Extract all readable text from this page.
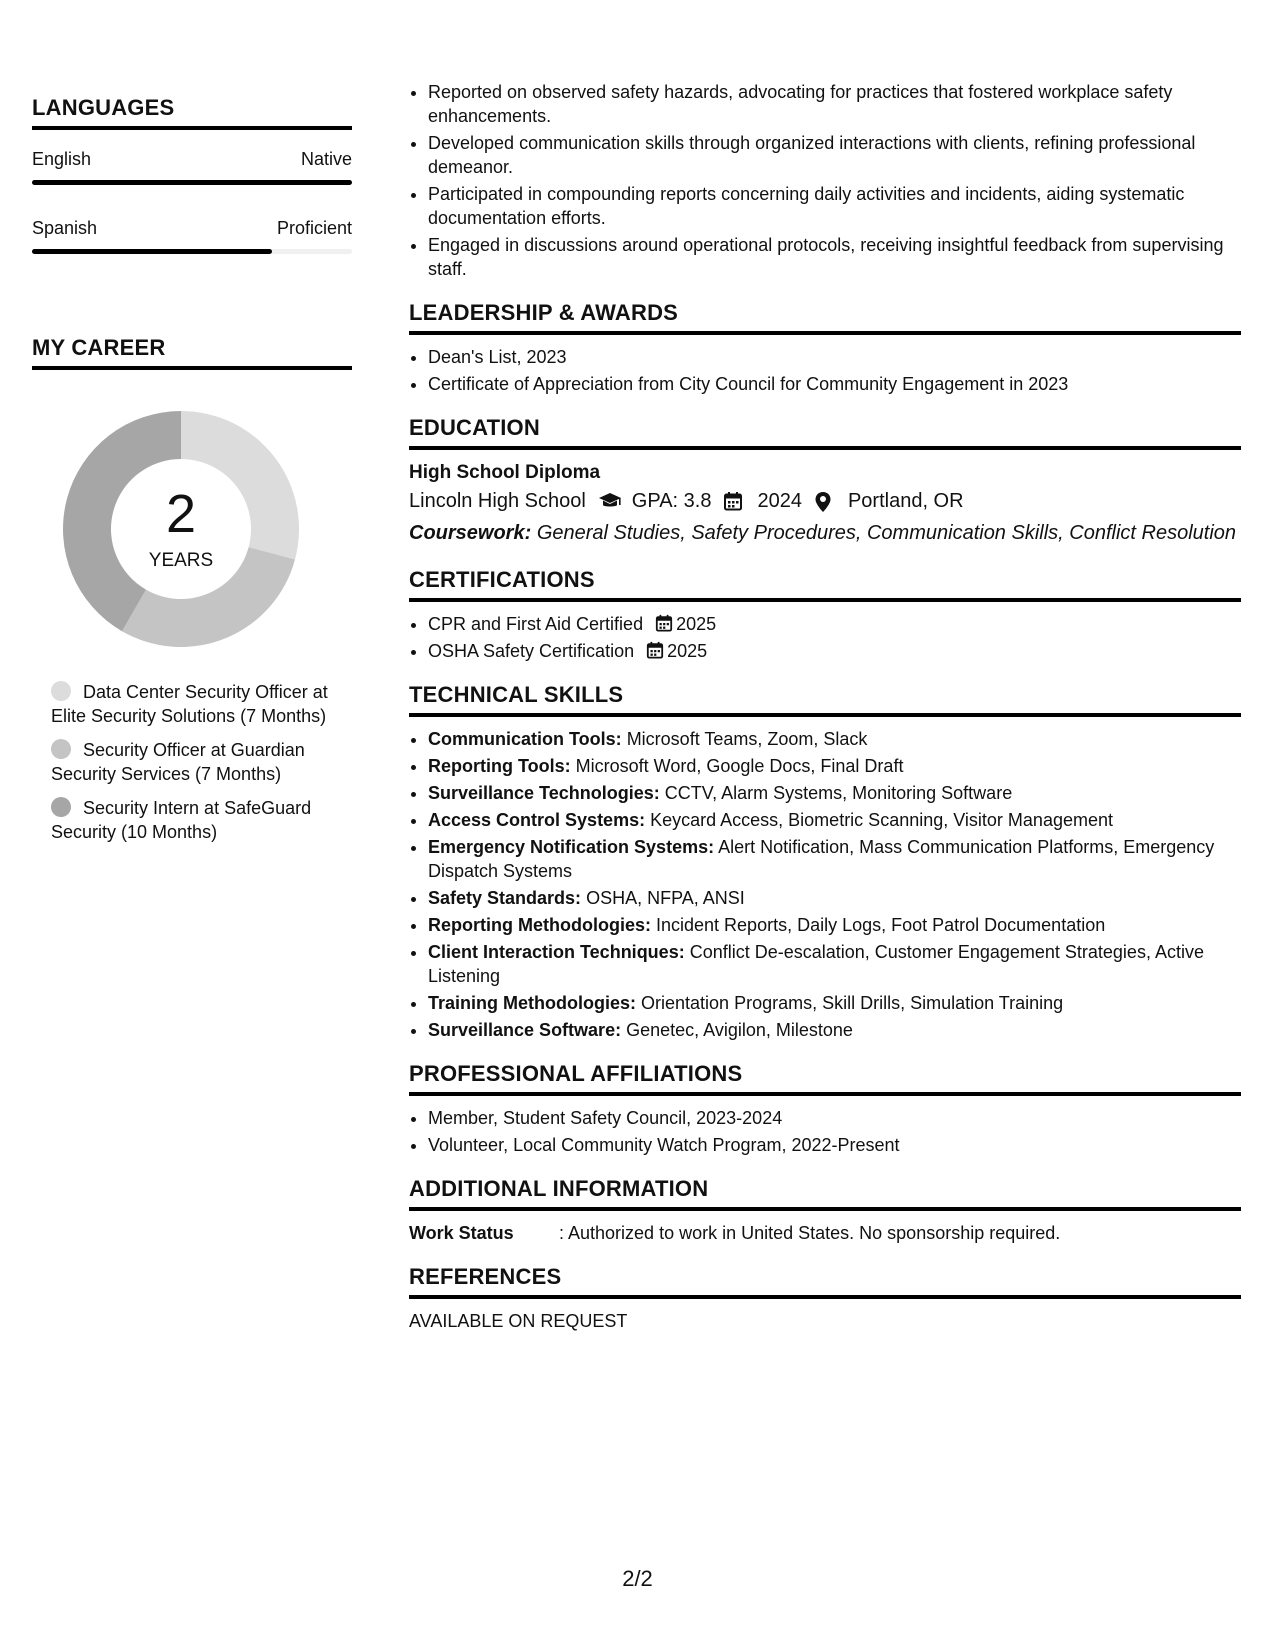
LANGUAGES
English	Native
Spanish	Proficient
MY CAREER
2
YEARS
Data Center Security Officer at Elite Security Solutions (7 Months)
Security Officer at Guardian Security Services (7 Months)
Security Intern at SafeGuard Security (10 Months)
• Reported on observed safety hazards, advocating for practices that fostered workplace safety enhancements.
• Developed communication skills through organized interactions with clients, refining professional demeanor.
• Participated in compounding reports concerning daily activities and incidents, aiding systematic documentation efforts.
• Engaged in discussions around operational protocols, receiving insightful feedback from supervising staff.
LEADERSHIP & AWARDS
• Dean's List, 2023
• Certificate of Appreciation from City Council for Community Engagement in 2023
EDUCATION
High School Diploma
Lincoln High School GPA: 3.8 2024 Portland, OR
Coursework: General Studies, Safety Procedures, Communication Skills, Conflict Resolution
CERTIFICATIONS
• CPR and First Aid Certified 2025
• OSHA Safety Certification 2025
TECHNICAL SKILLS
• Communication Tools: Microsoft Teams, Zoom, Slack
• Reporting Tools: Microsoft Word, Google Docs, Final Draft
• Surveillance Technologies: CCTV, Alarm Systems, Monitoring Software
• Access Control Systems: Keycard Access, Biometric Scanning, Visitor Management
• Emergency Notification Systems: Alert Notification, Mass Communication Platforms, Emergency Dispatch Systems
• Safety Standards: OSHA, NFPA, ANSI
• Reporting Methodologies: Incident Reports, Daily Logs, Foot Patrol Documentation
• Client Interaction Techniques: Conflict De-escalation, Customer Engagement Strategies, Active Listening
• Training Methodologies: Orientation Programs, Skill Drills, Simulation Training
• Surveillance Software: Genetec, Avigilon, Milestone
PROFESSIONAL AFFILIATIONS
• Member, Student Safety Council, 2023-2024
• Volunteer, Local Community Watch Program, 2022-Present
ADDITIONAL INFORMATION
Work Status	: Authorized to work in United States. No sponsorship required.
REFERENCES
AVAILABLE ON REQUEST
2/2
